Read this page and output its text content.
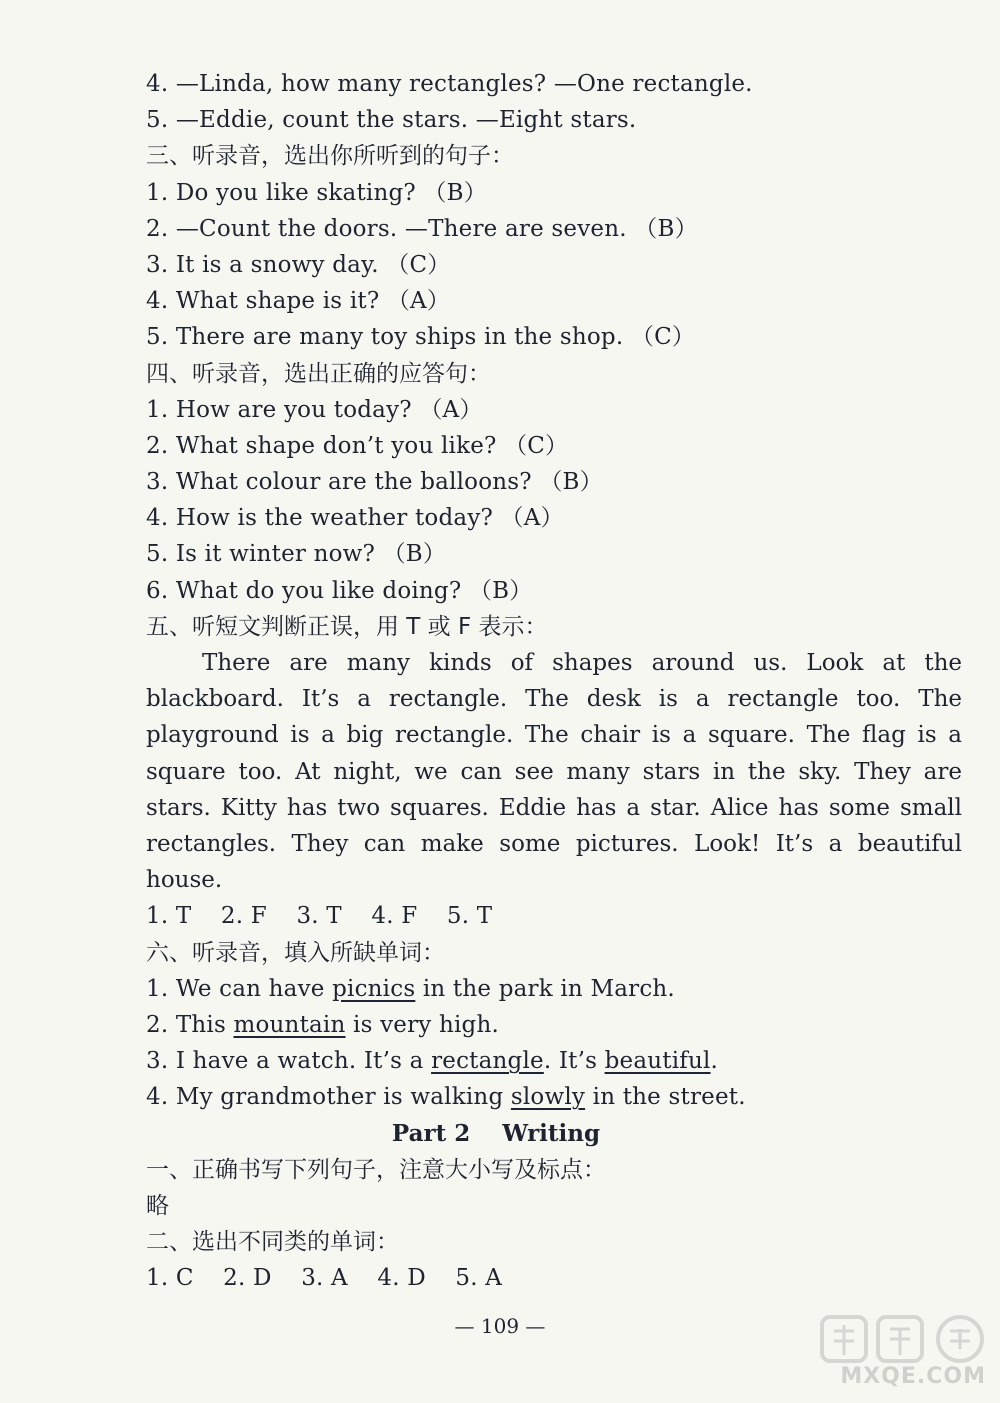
4. —Linda, how many rectangles? —One rectangle.
5. —Eddie, count the stars. —Eight stars.
三、听录音，选出你所听到的句子：
1. Do you like skating? （B）
2. —Count the doors. —There are seven. （B）
3. It is a snowy day. （C）
4. What shape is it? （A）
5. There are many toy ships in the shop. （C）
四、听录音，选出正确的应答句：
1. How are you today? （A）
2. What shape don’t you like? （C）
3. What colour are the balloons? （B）
4. How is the weather today? （A）
5. Is it winter now? （B）
6. What do you like doing? （B）
五、听短文判断正误，用 T 或 F 表示：

There are many kinds of shapes around us. Look at the blackboard. It’s a rectangle. The desk is a rectangle too. The playground is a big rectangle. The chair is a square. The flag is a square too. At night, we can see many stars in the sky. They are stars. Kitty has two squares. Eddie has a star. Alice has some small rectangles. They can make some pictures. Look! It’s a beautiful house.

1. T 2. F 3. T 4. F 5. T
六、听录音，填入所缺单词：
1. We can have picnics in the park in March.
2. This mountain is very high.
3. I have a watch. It’s a rectangle. It’s beautiful.
4. My grandmother is walking slowly in the street.
Part 2    Writing
一、正确书写下列句子，注意大小写及标点：
略
二、选出不同类的单词：
1. C 2. D 3. A 4. D 5. A
— 109 —
MXQE.COM
